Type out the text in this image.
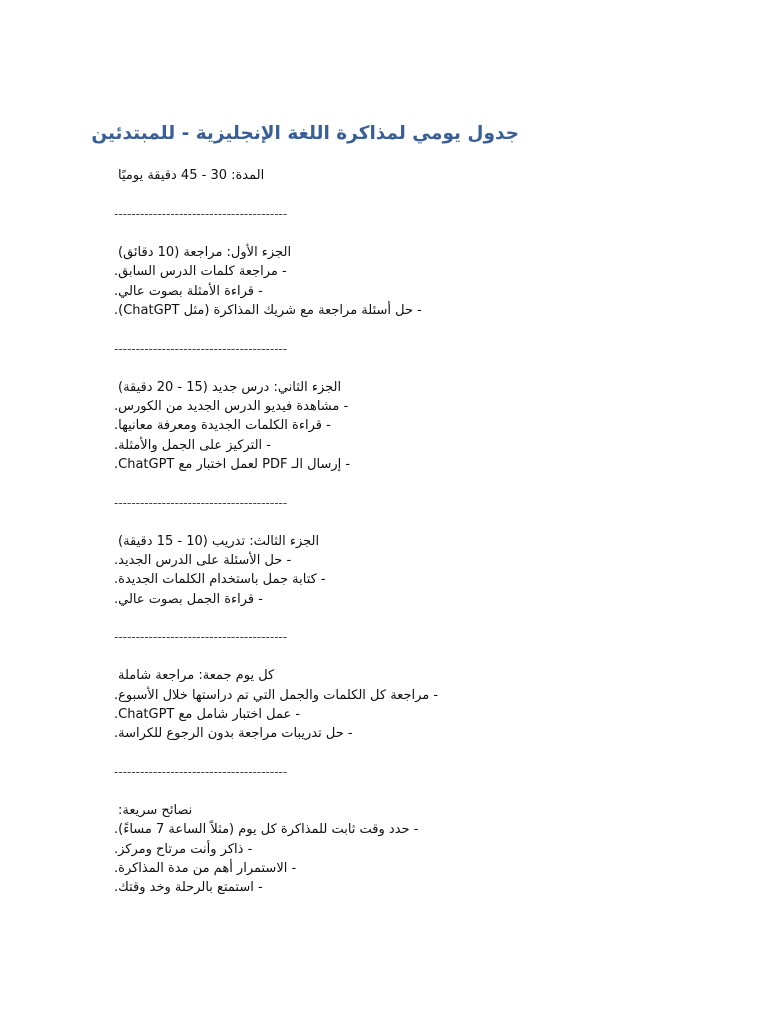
جدول يومي لمذاكرة اللغة الإنجليزية - للمبتدئين
المدة: 30 - 45 دقيقة يوميًا
----------------------------------------
الجزء الأول: مراجعة (10 دقائق)
- مراجعة كلمات الدرس السابق.
- قراءة الأمثلة بصوت عالي.
- حل أسئلة مراجعة مع شريك المذاكرة (مثل ChatGPT).
----------------------------------------
الجزء الثاني: درس جديد (15 - 20 دقيقة)
- مشاهدة فيديو الدرس الجديد من الكورس.
- قراءة الكلمات الجديدة ومعرفة معانيها.
- التركيز على الجمل والأمثلة.
- إرسال الـ PDF لعمل اختبار مع ChatGPT.
----------------------------------------
الجزء الثالث: تدريب (10 - 15 دقيقة)
- حل الأسئلة على الدرس الجديد.
- كتابة جمل باستخدام الكلمات الجديدة.
- قراءة الجمل بصوت عالي.
----------------------------------------
كل يوم جمعة: مراجعة شاملة
- مراجعة كل الكلمات والجمل التي تم دراستها خلال الأسبوع.
- عمل اختبار شامل مع ChatGPT.
- حل تدريبات مراجعة بدون الرجوع للكراسة.
----------------------------------------
نصائح سريعة:
- حدد وقت ثابت للمذاكرة كل يوم (مثلاً الساعة 7 مساءً).
- ذاكر وأنت مرتاح ومركز.
- الاستمرار أهم من مدة المذاكرة.
- استمتع بالرحلة وخد وقتك.
